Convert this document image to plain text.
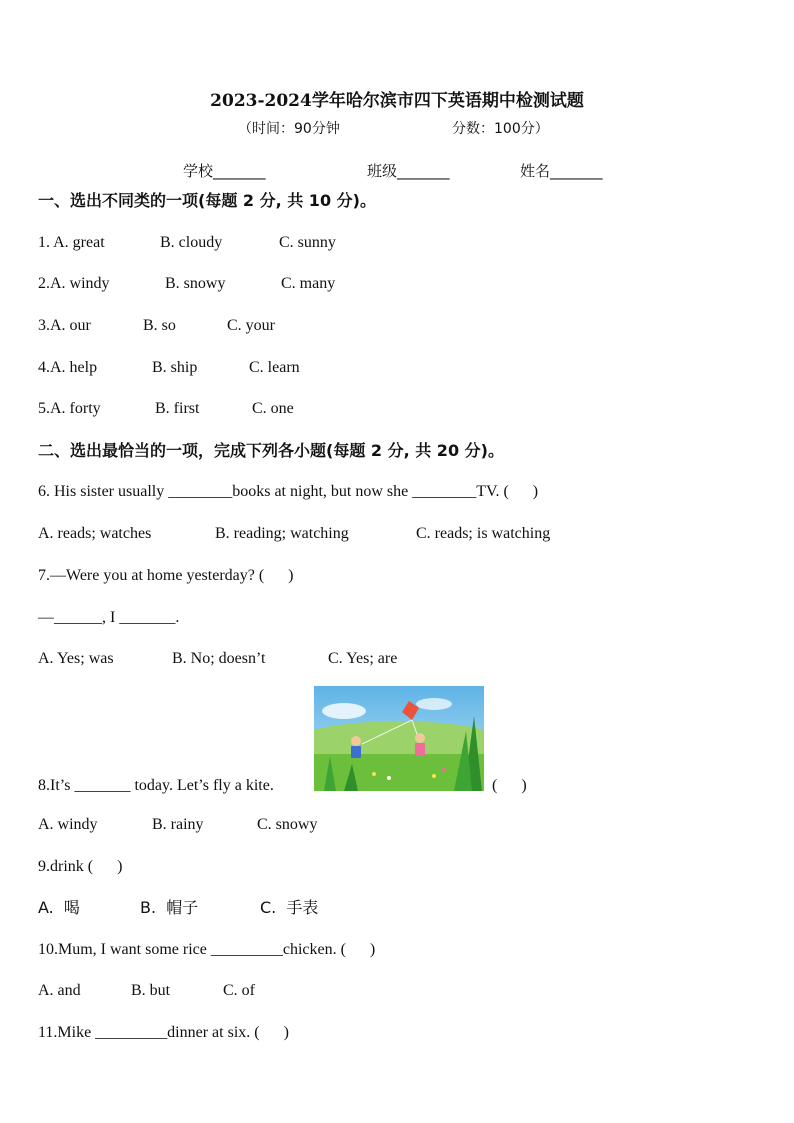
2023-2024学年哈尔滨市四下英语期中检测试题
（时间：90分钟	分数：100分）
学校_______	班级_______	姓名_______
一、选出不同类的一项(每题 2 分, 共 10 分)。
1. A. great	B. cloudy	C. sunny
2.A. windy	B. snowy	C. many
3.A. our	B. so	C. your
4.A. help	B. ship	C. learn
5.A. forty	B. first	C. one
二、选出最恰当的一项，完成下列各小题(每题 2 分, 共 20 分)。
6. His sister usually ________books at night, but now she ________TV. (      )
A. reads; watches	B. reading; watching	C. reads; is watching
7.—Were you at home yesterday? (      )
—______, I _______.
A. Yes; was	B. No; doesn’t	C. Yes; are
8.It’s _______ today. Let’s fly a kite.	(      )
A. windy	B. rainy	C. snowy
9.drink (      )
A.  喝	B.  帽子	C.  手表
10.Mum, I want some rice _________chicken. (      )
A. and	B. but	C. of
11.Mike _________dinner at six. (      )
